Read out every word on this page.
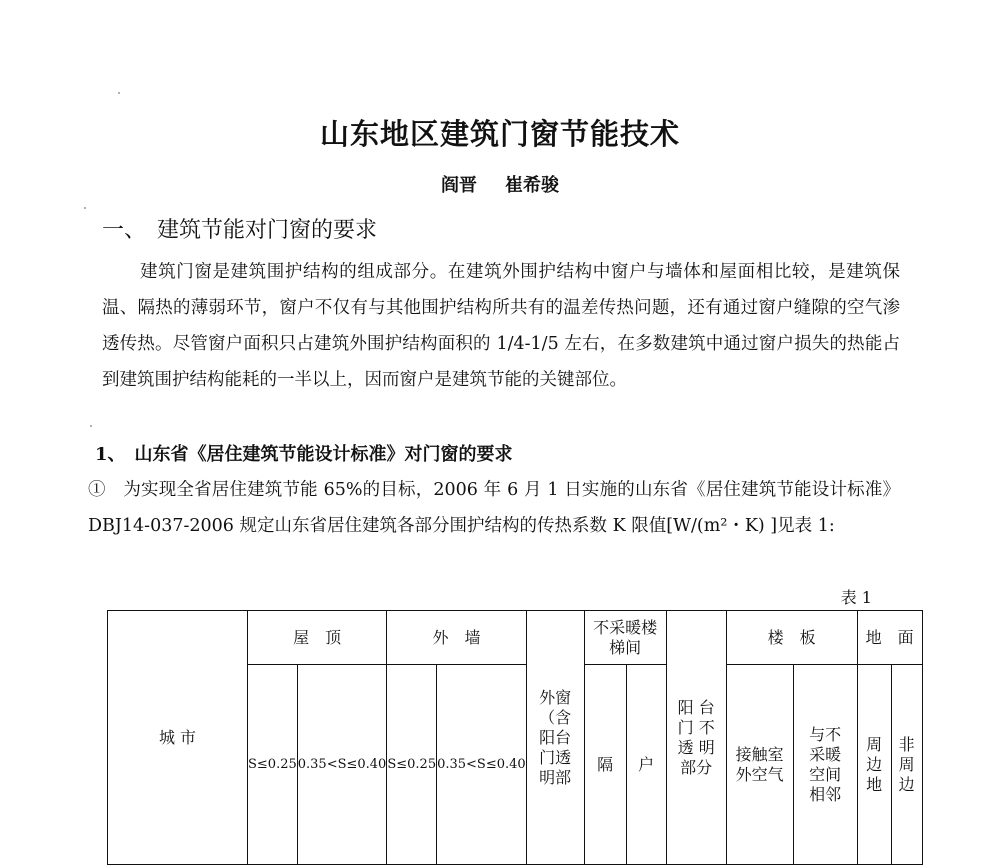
山东地区建筑门窗节能技术
阎晋 崔希骏
一、　建筑节能对门窗的要求
建筑门窗是建筑围护结构的组成部分。在建筑外围护结构中窗户与墙体和屋面相比较，是建筑保温、隔热的薄弱环节，窗户不仅有与其他围护结构所共有的温差传热问题，还有通过窗户缝隙的空气渗透传热。尽管窗户面积只占建筑外围护结构面积的 1/4-1/5 左右，在多数建筑中通过窗户损失的热能占到建筑围护结构能耗的一半以上，因而窗户是建筑节能的关键部位。
1、　山东省《居住建筑节能设计标准》对门窗的要求
①　为实现全省居住建筑节能 65%的目标，2006 年 6 月 1 日实施的山东省《居住建筑节能设计标准》DBJ14-037-2006 规定山东省居住建筑各部分围护结构的传热系数 K 限值[W/(m²・K) ]见表 1:
表 1
城 市	屋　顶		外　墙		外窗（含阳台门透明部	不采暖楼梯间		阳 台门 不透 明部分	楼　板		地　面	
	S≤0.25	0.35<S≤0.40	S≤0.25	0.35<S≤0.40		隔	户		接触室外空气	与不采暖空间相邻	周边地	非周边
